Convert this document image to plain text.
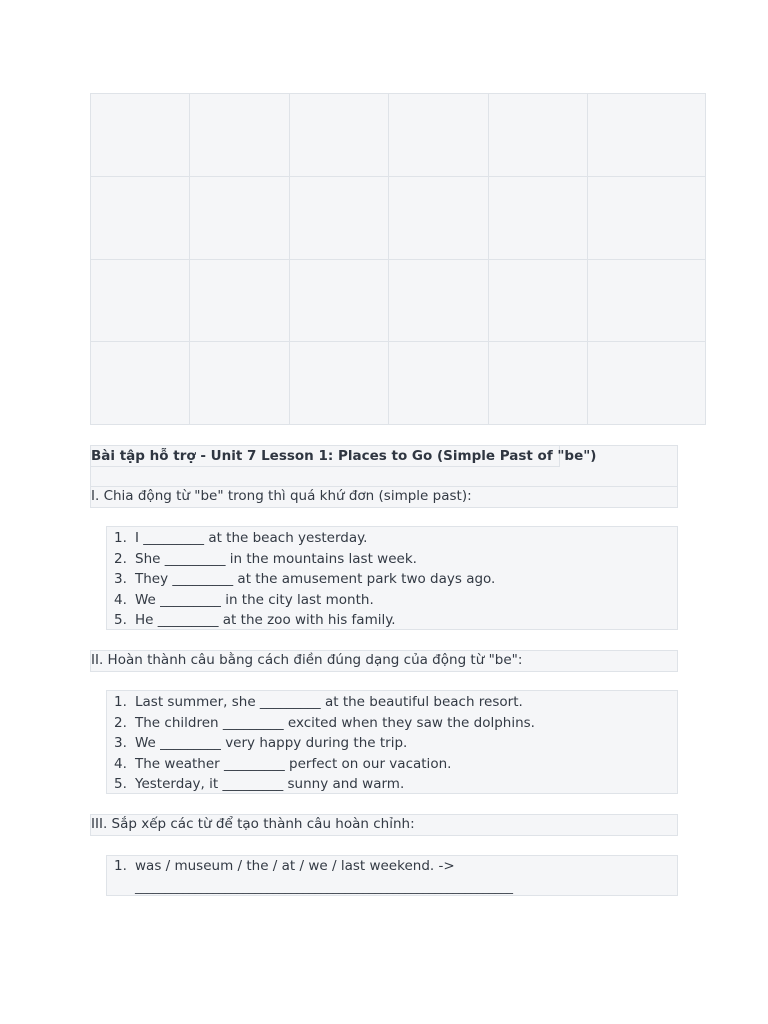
Bài tập hỗ trợ - Unit 7 Lesson 1: Places to Go (Simple Past of "be")
I. Chia động từ "be" trong thì quá khứ đơn (simple past):
1. I _________ at the beach yesterday.
2. She _________ in the mountains last week.
3. They _________ at the amusement park two days ago.
4. We _________ in the city last month.
5. He _________ at the zoo with his family.
II. Hoàn thành câu bằng cách điền đúng dạng của động từ "be":
1. Last summer, she _________ at the beautiful beach resort.
2. The children _________ excited when they saw the dolphins.
3. We _________ very happy during the trip.
4. The weather _________ perfect on our vacation.
5. Yesterday, it _________ sunny and warm.
III. Sắp xếp các từ để tạo thành câu hoàn chỉnh:
1. was / museum / the / at / we / last weekend. ->
_______________________________________________________________
